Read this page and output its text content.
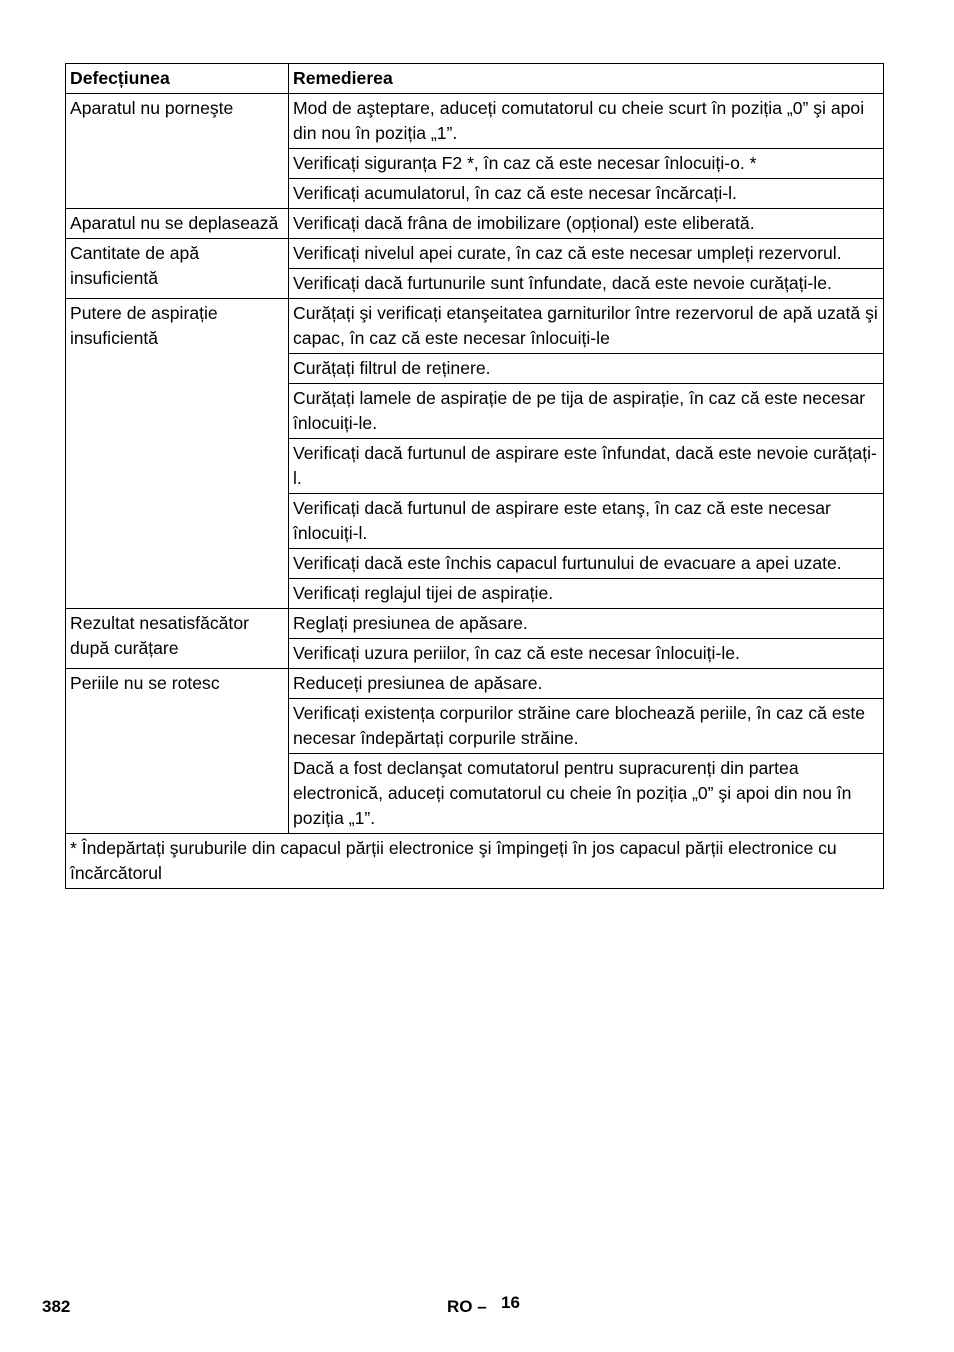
Defecțiunea	Remedierea
Aparatul nu porneşte	Mod de aşteptare, aduceți comutatorul cu cheie scurt în poziția „0” şi apoi din nou în poziția „1”.
	Verificați siguranța F2 *, în caz că este necesar înlocuiți-o. *
	Verificați acumulatorul, în caz că este necesar încărcați-l.
Aparatul nu se deplasează	Verificați dacă frâna de imobilizare (opțional) este eliberată.
Cantitate de apă insuficientă	Verificați nivelul apei curate, în caz că este necesar umpleți rezervorul.
	Verificați dacă furtunurile sunt înfundate, dacă este nevoie curățați-le.
Putere de aspirație insuficientă	Curățați şi verificați etanşeitatea garniturilor între rezervorul de apă uzată şi capac, în caz că este necesar înlocuiți-le
	Curățați filtrul de reținere.
	Curățați lamele de aspirație de pe tija de aspirație, în caz că este necesar înlocuiți-le.
	Verificați dacă furtunul de aspirare este înfundat, dacă este nevoie curățați-l.
	Verificați dacă furtunul de aspirare este etanş, în caz că este necesar înlocuiți-l.
	Verificați dacă este închis capacul furtunului de evacuare a apei uzate.
	Verificați reglajul tijei de aspirație.
Rezultat nesatisfăcător după curățare	Reglați presiunea de apăsare.
	Verificați uzura periilor, în caz că este necesar înlocuiți-le.
Periile nu se rotesc	Reduceți presiunea de apăsare.
	Verificați existența corpurilor străine care blochează periile, în caz că este necesar îndepărtați corpurile străine.
	Dacă a fost declanşat comutatorul pentru supracurenți din partea electronică, aduceți comutatorul cu cheie în poziția „0” şi apoi din nou în poziția „1”.
* Îndepărtați şuruburile din capacul părții electronice şi împingeți în jos capacul părții electronice cu încărcătorul	
382	RO – 16
